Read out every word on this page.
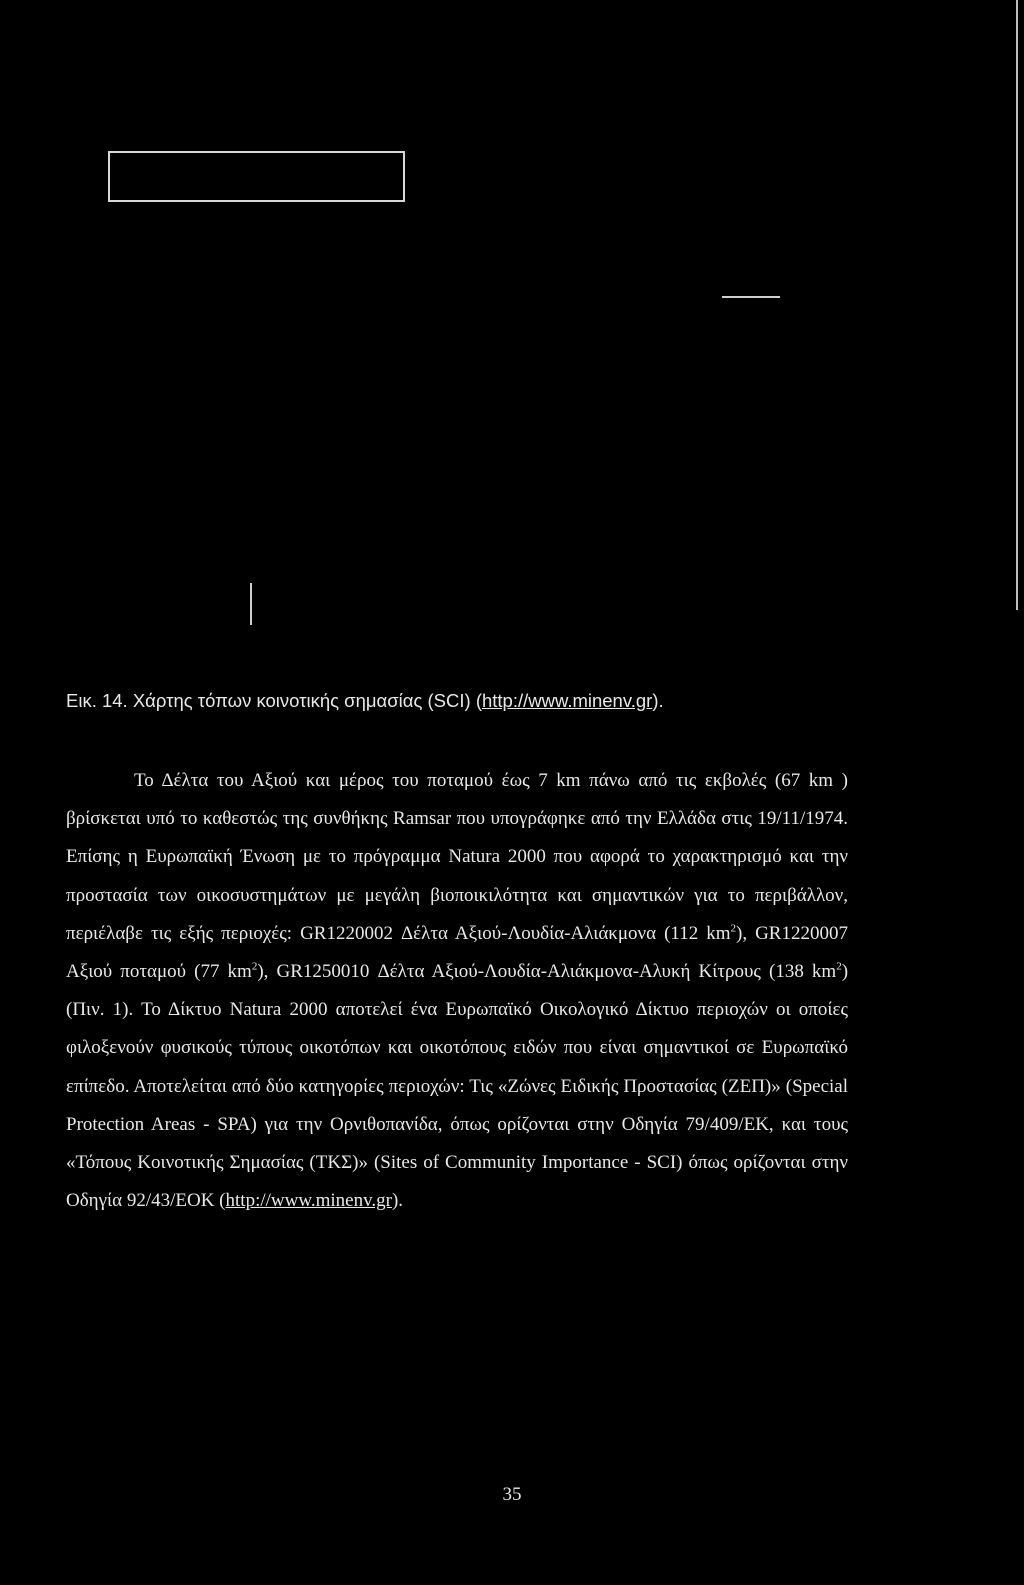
Εικ. 14. Χάρτης τόπων κοινοτικής σημασίας (SCI) (http://www.minenv.gr).

Το Δέλτα του Αξιού και μέρος του ποταμού έως 7 km πάνω από τις εκβολές (67 km ) βρίσκεται υπό το καθεστώς της συνθήκης Ramsar που υπογράφηκε από την Ελλάδα στις 19/11/1974. Επίσης η Ευρωπαϊκή Ένωση με το πρόγραμμα Natura 2000 που αφορά το χαρακτηρισμό και την προστασία των οικοσυστημάτων με μεγάλη βιοποικιλότητα και σημαντικών για το περιβάλλον, περιέλαβε τις εξής περιοχές: GR1220002 Δέλτα Αξιού-Λουδία-Αλιάκμονα (112 $km^2$), GR1220007 Αξιού ποταμού (77 $km^2$), GR1250010 Δέλτα Αξιού-Λουδία-Αλιάκμονα-Αλυκή Κίτρους (138 $km^2$) (Πιν. 1). Το Δίκτυο Natura 2000 αποτελεί ένα Ευρωπαϊκό Οικολογικό Δίκτυο περιοχών οι οποίες φιλοξενούν φυσικούς τύπους οικοτόπων και οικοτόπους ειδών που είναι σημαντικοί σε Ευρωπαϊκό επίπεδο. Αποτελείται από δύο κατηγορίες περιοχών: Τις «Ζώνες Ειδικής Προστασίας (ΖΕΠ)» (Special Protection Areas - SPA) για την Ορνιθοπανίδα, όπως ορίζονται στην Οδηγία 79/409/ΕΚ, και τους «Τόπους Κοινοτικής Σημασίας (ΤΚΣ)» (Sites of Community Importance - SCI) όπως ορίζονται στην Οδηγία 92/43/ΕΟΚ (http://www.minenv.gr).

35
